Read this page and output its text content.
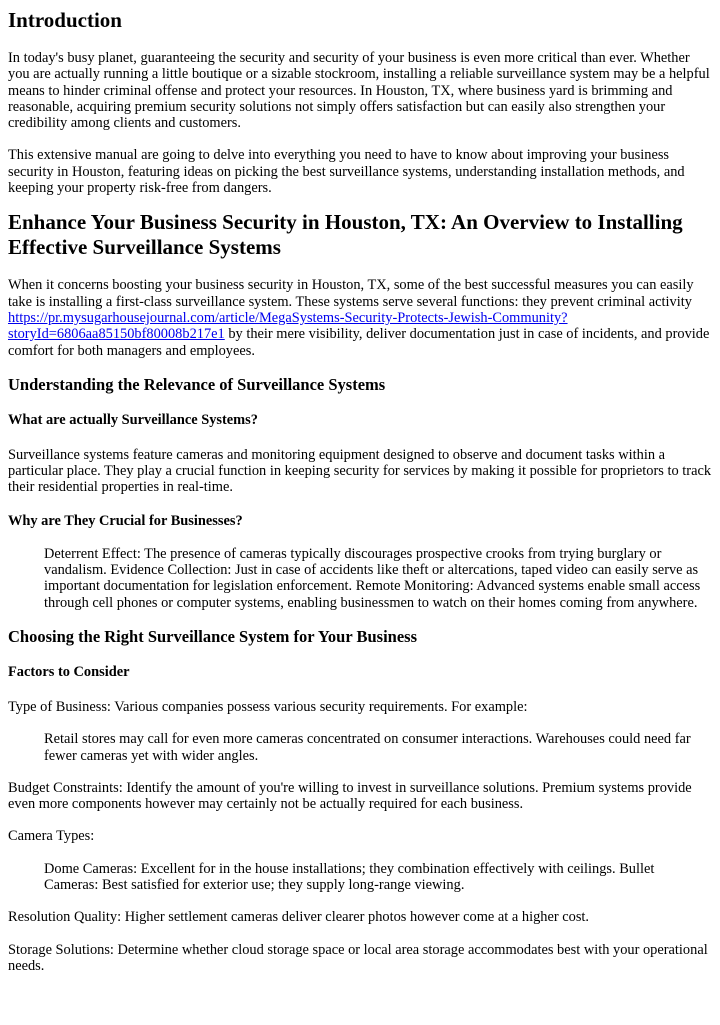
Introduction

In today's busy planet, guaranteeing the security and security of your business is even more critical than ever. Whether you are actually running a little boutique or a sizable stockroom, installing a reliable surveillance system may be a helpful means to hinder criminal offense and protect your resources. In Houston, TX, where business yard is brimming and reasonable, acquiring premium security solutions not simply offers satisfaction but can easily also strengthen your credibility among clients and customers.

This extensive manual are going to delve into everything you need to have to know about improving your business security in Houston, featuring ideas on picking the best surveillance systems, understanding installation methods, and keeping your property risk-free from dangers.

Enhance Your Business Security in Houston, TX: An Overview to Installing Effective Surveillance Systems

When it concerns boosting your business security in Houston, TX, some of the best successful measures you can easily take is installing a first-class surveillance system. These systems serve several functions: they prevent criminal activity https://pr.mysugarhousejournal.com/article/MegaSystems-Security-Protects-Jewish-Community?storyId=6806aa85150bf80008b217e1 by their mere visibility, deliver documentation just in case of incidents, and provide comfort for both managers and employees.

Understanding the Relevance of Surveillance Systems
What are actually Surveillance Systems?

Surveillance systems feature cameras and monitoring equipment designed to observe and document tasks within a particular place. They play a crucial function in keeping security for services by making it possible for proprietors to track their residential properties in real-time.

Why are They Crucial for Businesses?
Deterrent Effect: The presence of cameras typically discourages prospective crooks from trying burglary or vandalism. Evidence Collection: Just in case of accidents like theft or altercations, taped video can easily serve as important documentation for legislation enforcement. Remote Monitoring: Advanced systems enable small access through cell phones or computer systems, enabling businessmen to watch on their homes coming from anywhere.
Choosing the Right Surveillance System for Your Business
Factors to Consider

Type of Business: Various companies possess various security requirements. For example:

Retail stores may call for even more cameras concentrated on consumer interactions. Warehouses could need far fewer cameras yet with wider angles.

Budget Constraints: Identify the amount of you're willing to invest in surveillance solutions. Premium systems provide even more components however may certainly not be actually required for each business.

Camera Types:

Dome Cameras: Excellent for in the house installations; they combination effectively with ceilings. Bullet Cameras: Best satisfied for exterior use; they supply long-range viewing.

Resolution Quality: Higher settlement cameras deliver clearer photos however come at a higher cost.

Storage Solutions: Determine whether cloud storage space or local area storage accommodates best with your operational needs.
